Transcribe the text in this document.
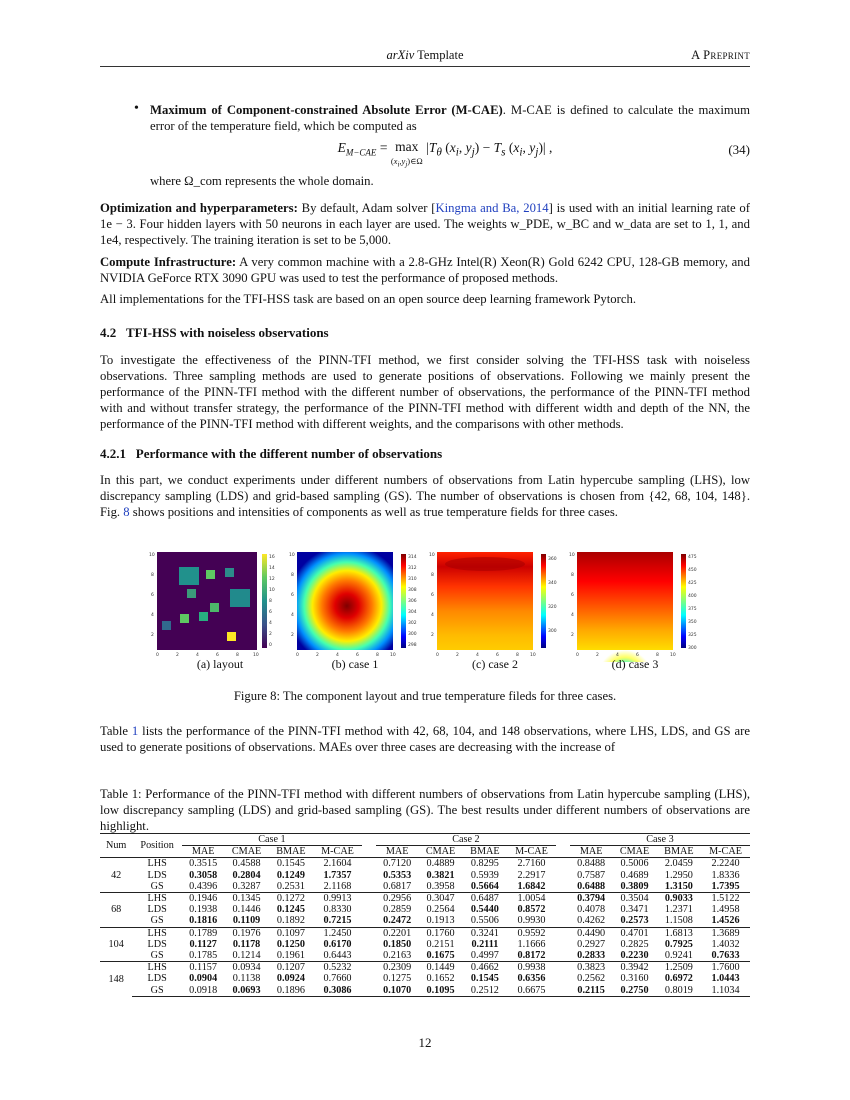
arXiv Template	A Preprint
• Maximum of Component-constrained Absolute Error (M-CAE). M-CAE is defined to calculate the maximum error of the temperature field, which be computed as
$E_{M-CAE} = \max$
$(x_i,y_j)\in\Omega$ $|T_\theta$ ($x_i$, $y_j) - T_s$ ($x_i$, $y_j)|$ ,	(34)
where Ω_com represents the whole domain.
Optimization and hyperparameters: By default, Adam solver [Kingma and Ba, 2014] is used with an initial learning rate of 1e − 3. Four hidden layers with 50 neurons in each layer are used. The weights w_PDE, w_BC and w_data are set to 1, 1, and 1e4, respectively. The training iteration is set to be 5,000.
Compute Infrastructure: A very common machine with a 2.8-GHz Intel(R) Xeon(R) Gold 6242 CPU, 128-GB memory, and NVIDIA GeForce RTX 3090 GPU was used to test the performance of proposed methods.
All implementations for the TFI-HSS task are based on an open source deep learning framework Pytorch.
4.2 TFI-HSS with noiseless observations
To investigate the effectiveness of the PINN-TFI method, we first consider solving the TFI-HSS task with noiseless observations. Three sampling methods are used to generate positions of observations. Following we mainly present the performance of the PINN-TFI method with the different number of observations, the performance of the PINN-TFI method with and without transfer strategy, the performance of the PINN-TFI method with different width and depth of the NN, the performance of the PINN-TFI method with different weights, and the comparisons with other methods.
4.2.1 Performance with the different number of observations
In this part, we conduct experiments under different numbers of observations from Latin hypercube sampling (LHS), low discrepancy sampling (LDS) and grid-based sampling (GS). The number of observations is chosen from {42, 68, 104, 148}. Fig. 8 shows positions and intensities of components as well as true temperature fields for three cases.
10
8
6
4
2
10
8
6
4
2
10
8
6
4
2
10
8
6
4
2
0	2	4	6	8	10	0	2	4	6	8 10	0	2	4	6	8 10	0	2	4	6	8 10
16
14
12
10
8
6
4
2
0
314
312
310
308
306
304
302
300
298
360
340
320
300
475
450
425
400
375
350
325
300
(a) layout	(b) case 1	(c) case 2	(d) case 3
Figure 8: The component layout and true temperature fileds for three cases.
Table 1 lists the performance of the PINN-TFI method with 42, 68, 104, and 148 observations, where LHS, LDS, and GS are used to generate positions of observations. MAEs over three cases are decreasing with the increase of
Table 1: Performance of the PINN-TFI method with different numbers of observations from Latin hypercube sampling (LHS), low discrepancy sampling (LDS) and grid-based sampling (GS). The best results under different numbers of observations are highlight.
Num	Position	Case 1					Case 2					Case 3			
		MAE	CMAE	BMAE	M-CAE		MAE	CMAE	BMAE	M-CAE		MAE	CMAE	BMAE	M-CAE
42	LHS	0.3515	0.4588	0.1545	2.1604		0.7120	0.4889	0.8295	2.7160		0.8488	0.5006	2.0459	2.2240
	LDS	0.3058	0.2804	0.1249	1.7357		0.5353	0.3821	0.5939	2.2917		0.7587	0.4689	1.2950	1.8336
	GS	0.4396	0.3287	0.2531	2.1168		0.6817	0.3958	0.5664	1.6842		0.6488	0.3809	1.3150	1.7395
68	LHS	0.1946	0.1345	0.1272	0.9913		0.2956	0.3047	0.6487	1.0054		0.3794	0.3504	0.9033	1.5122
	LDS	0.1938	0.1446	0.1245	0.8330		0.2859	0.2564	0.5440	0.8572		0.4078	0.3471	1.2371	1.4958
	GS	0.1816	0.1109	0.1892	0.7215		0.2472	0.1913	0.5506	0.9930		0.4262	0.2573	1.1508	1.4526
104	LHS	0.1789	0.1976	0.1097	1.2450		0.2201	0.1760	0.3241	0.9592		0.4490	0.4701	1.6813	1.3689
	LDS	0.1127	0.1178	0.1250	0.6170		0.1850	0.2151	0.2111	1.1666		0.2927	0.2825	0.7925	1.4032
	GS	0.1785	0.1214	0.1961	0.6443		0.2163	0.1675	0.4997	0.8172		0.2833	0.2230	0.9241	0.7633
148	LHS	0.1157	0.0934	0.1207	0.5232		0.2309	0.1449	0.4662	0.9938		0.3823	0.3942	1.2509	1.7600
	LDS	0.0904	0.1138	0.0924	0.7660		0.1275	0.1652	0.1545	0.6356		0.2562	0.3160	0.6972	1.0443
	GS	0.0918	0.0693	0.1896	0.3086		0.1070	0.1095	0.2512	0.6675		0.2115	0.2750	0.8019	1.1034
12
